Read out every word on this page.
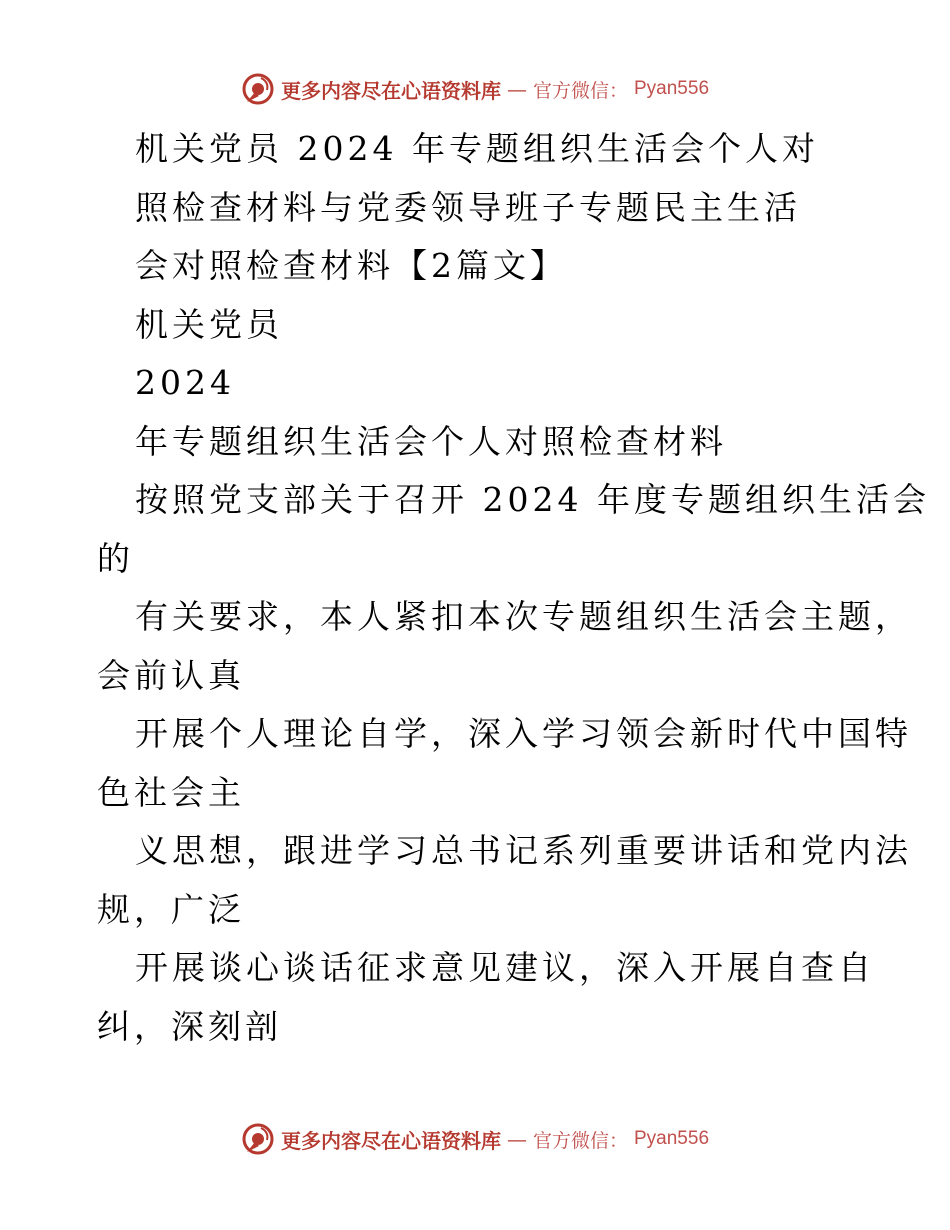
更多内容尽在心语资料库 — 官方微信： Pyan556
机关党员 2024 年专题组织生活会个人对
照检查材料与党委领导班子专题民主生活
会对照检查材料【2篇文】
机关党员
2024
年专题组织生活会个人对照检查材料
按照党支部关于召开 2024 年度专题组织生活会
的
有关要求，本人紧扣本次专题组织生活会主题，
会前认真
开展个人理论自学，深入学习领会新时代中国特
色社会主
义思想，跟进学习总书记系列重要讲话和党内法
规，广泛
开展谈心谈话征求意见建议，深入开展自查自
纠，深刻剖
更多内容尽在心语资料库 — 官方微信： Pyan556
